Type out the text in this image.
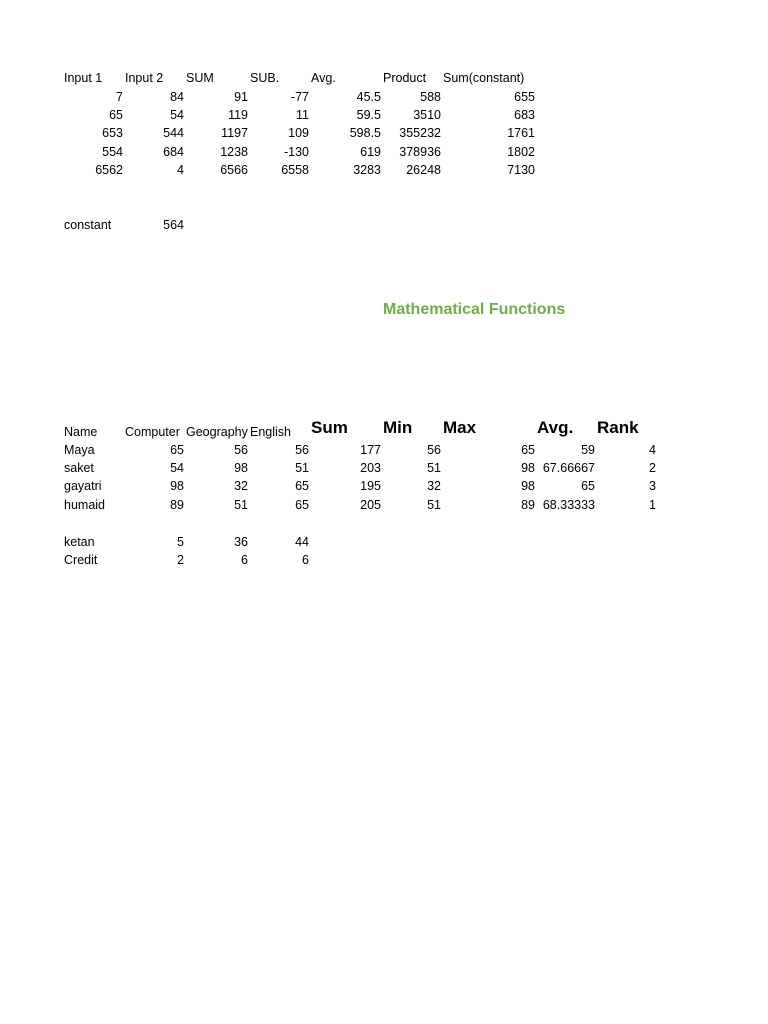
Input 1 Input 2 SUM	SUB.	Avg.	Product Sum(constant)
7	84	91	-77	45.5	588	655
65	54	119	11	59.5	3510	683
653	544	1197	109	598.5	355232	1761
554	684	1238	-130	619	378936	1802
6562	4	6566	6558	3283	26248	7130
constant	564
Mathematical Functions
Name Computer Geography English Sum Min Max	Avg. Rank
Maya	65	56	56	177	56	65	59	4
saket	54	98	51	203	51	98 67.66667	2
gayatri	98	32	65	195	32	98	65	3
humaid	89	51	65	205	51	89 68.33333	1
ketan	5	36	44
Credit	2	6	6
